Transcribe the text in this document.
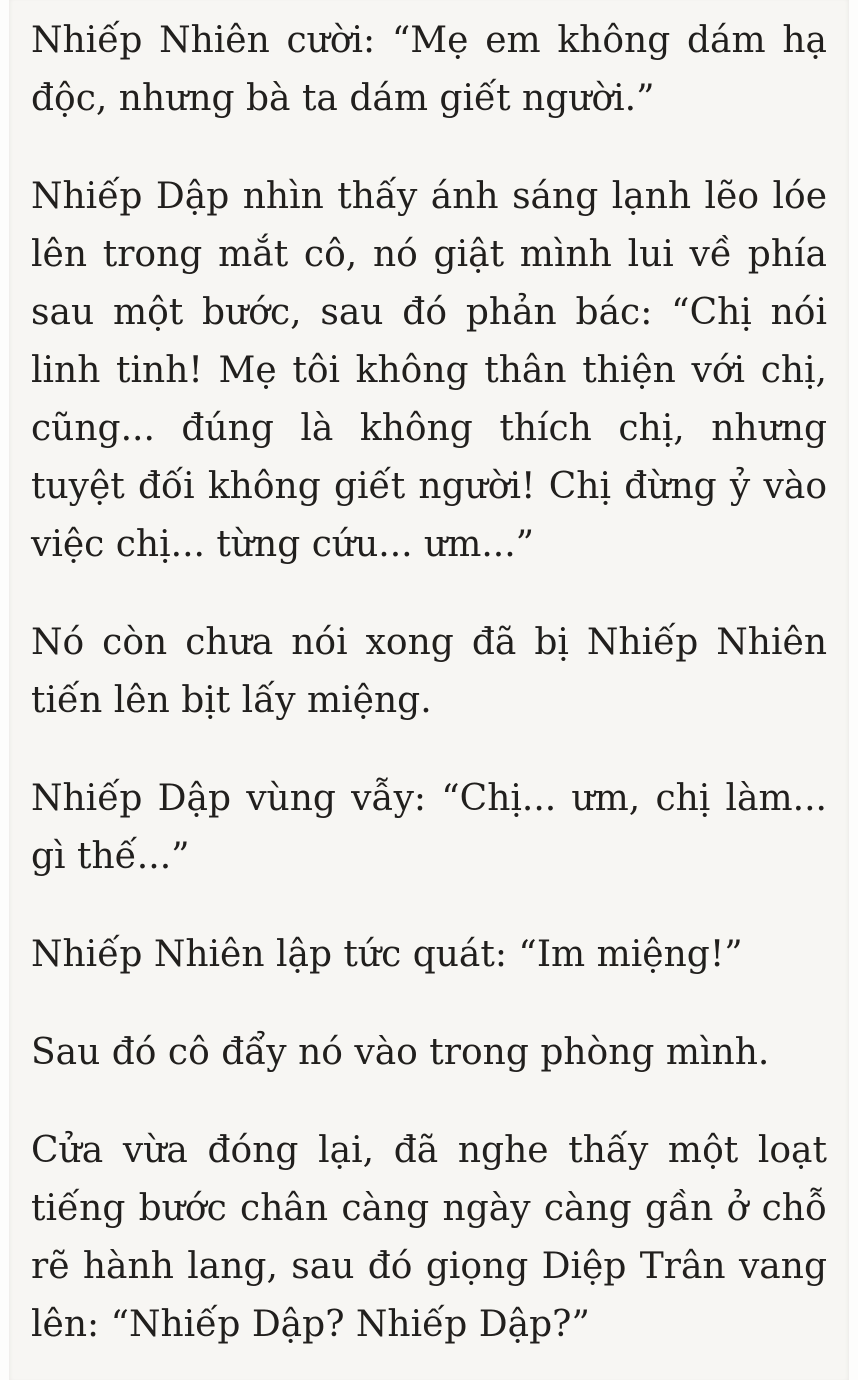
Nhiếp Nhiên cười: “Mẹ em không dám hạ
độc, nhưng bà ta dám giết người.”

Nhiếp Dập nhìn thấy ánh sáng lạnh lẽo lóe
lên trong mắt cô, nó giật mình lui về phía
sau một bước, sau đó phản bác: “Chị nói
linh tinh! Mẹ tôi không thân thiện với chị,
cũng... đúng là không thích chị, nhưng
tuyệt đối không giết người! Chị đừng ỷ vào
việc chị... từng cứu... ưm...”

Nó còn chưa nói xong đã bị Nhiếp Nhiên
tiến lên bịt lấy miệng.

Nhiếp Dập vùng vẫy: “Chị... ưm, chị làm...
gì thế...”

Nhiếp Nhiên lập tức quát: “Im miệng!”

Sau đó cô đẩy nó vào trong phòng mình.

Cửa vừa đóng lại, đã nghe thấy một loạt
tiếng bước chân càng ngày càng gần ở chỗ
rẽ hành lang, sau đó giọng Diệp Trân vang
lên: “Nhiếp Dập? Nhiếp Dập?”
